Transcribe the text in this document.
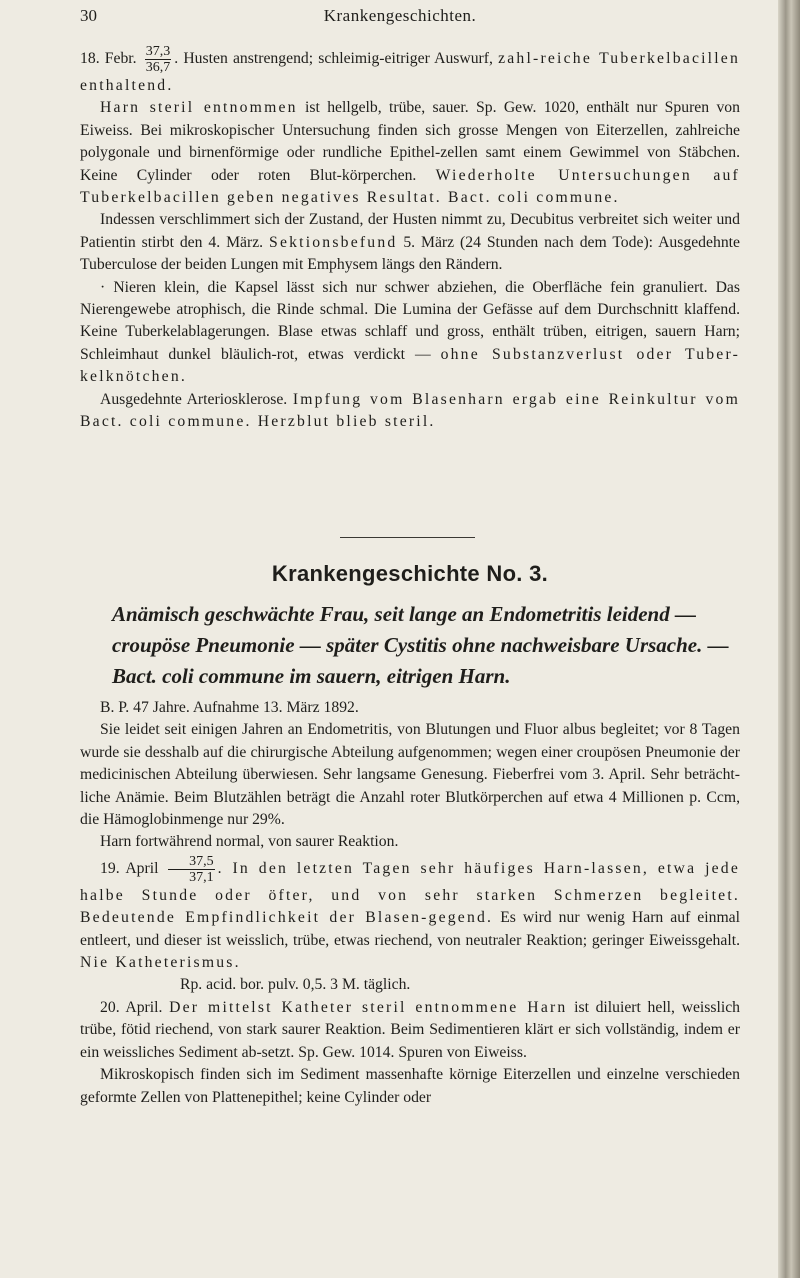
30	Krankengeschichten.

18. Febr. $\frac{37,3}{36,7}$ . Husten anstrengend; schleimig-eitriger Auswurf, zahl-reiche Tuberkelbacillen enthaltend.

Harn steril entnommen ist hellgelb, trübe, sauer. Sp. Gew. 1020, enthält nur Spuren von Eiweiss. Bei mikroskopischer Untersuchung finden sich grosse Mengen von Eiterzellen, zahlreiche polygonale und birnenförmige oder rundliche Epithel-zellen samt einem Gewimmel von Stäbchen. Keine Cylinder oder roten Blut-körperchen. Wiederholte Untersuchungen auf Tuberkelbacillen geben negatives Resultat. Bact. coli commune.

Indessen verschlimmert sich der Zustand, der Husten nimmt zu, Decubitus verbreitet sich weiter und Patientin stirbt den 4. März. Sektionsbefund 5. März (24 Stunden nach dem Tode): Ausgedehnte Tuberculose der beiden Lungen mit Emphysem längs den Rändern.

· Nieren klein, die Kapsel lässt sich nur schwer abziehen, die Oberfläche fein granuliert. Das Nierengewebe atrophisch, die Rinde schmal. Die Lumina der Gefässe auf dem Durchschnitt klaffend. Keine Tuberkelablagerungen. Blase etwas schlaff und gross, enthält trüben, eitrigen, sauern Harn; Schleimhaut dunkel bläulich-rot, etwas verdickt — ohne Substanzverlust oder Tuber-kelknötchen.

Ausgedehnte Arteriosklerose. Impfung vom Blasenharn ergab eine Reinkultur vom Bact. coli commune. Herzblut blieb steril.

Krankengeschichte No. 3.
Anämisch geschwächte Frau, seit lange an Endometritis leidend — croupöse Pneumonie — später Cystitis ohne nachweisbare Ursache. — Bact. coli commune im sauern, eitrigen Harn.

B. P. 47 Jahre. Aufnahme 13. März 1892.

Sie leidet seit einigen Jahren an Endometritis, von Blutungen und Fluor albus begleitet; vor 8 Tagen wurde sie desshalb auf die chirurgische Abteilung aufgenommen; wegen einer croupösen Pneumonie der medicinischen Abteilung überwiesen. Sehr langsame Genesung. Fieberfrei vom 3. April. Sehr beträcht-liche Anämie. Beim Blutzählen beträgt die Anzahl roter Blutkörperchen auf etwa 4 Millionen p. Ccm, die Hämoglobinmenge nur 29%.

Harn fortwährend normal, von saurer Reaktion.

19. April $\frac{37,5}{37,1}$ . In den letzten Tagen sehr häufiges Harn-lassen, etwa jede halbe Stunde oder öfter, und von sehr starken Schmerzen begleitet. Bedeutende Empfindlichkeit der Blasen-gegend. Es wird nur wenig Harn auf einmal entleert, und dieser ist weisslich, trübe, etwas riechend, von neutraler Reaktion; geringer Eiweissgehalt. Nie Katheterismus.

Rp. acid. bor. pulv. 0,5. 3 M. täglich.

20. April. Der mittelst Katheter steril entnommene Harn ist diluiert hell, weisslich trübe, fötid riechend, von stark saurer Reaktion. Beim Sedimentieren klärt er sich vollständig, indem er ein weissliches Sediment ab-setzt. Sp. Gew. 1014. Spuren von Eiweiss.

Mikroskopisch finden sich im Sediment massenhafte körnige Eiterzellen und einzelne verschieden geformte Zellen von Plattenepithel; keine Cylinder oder
